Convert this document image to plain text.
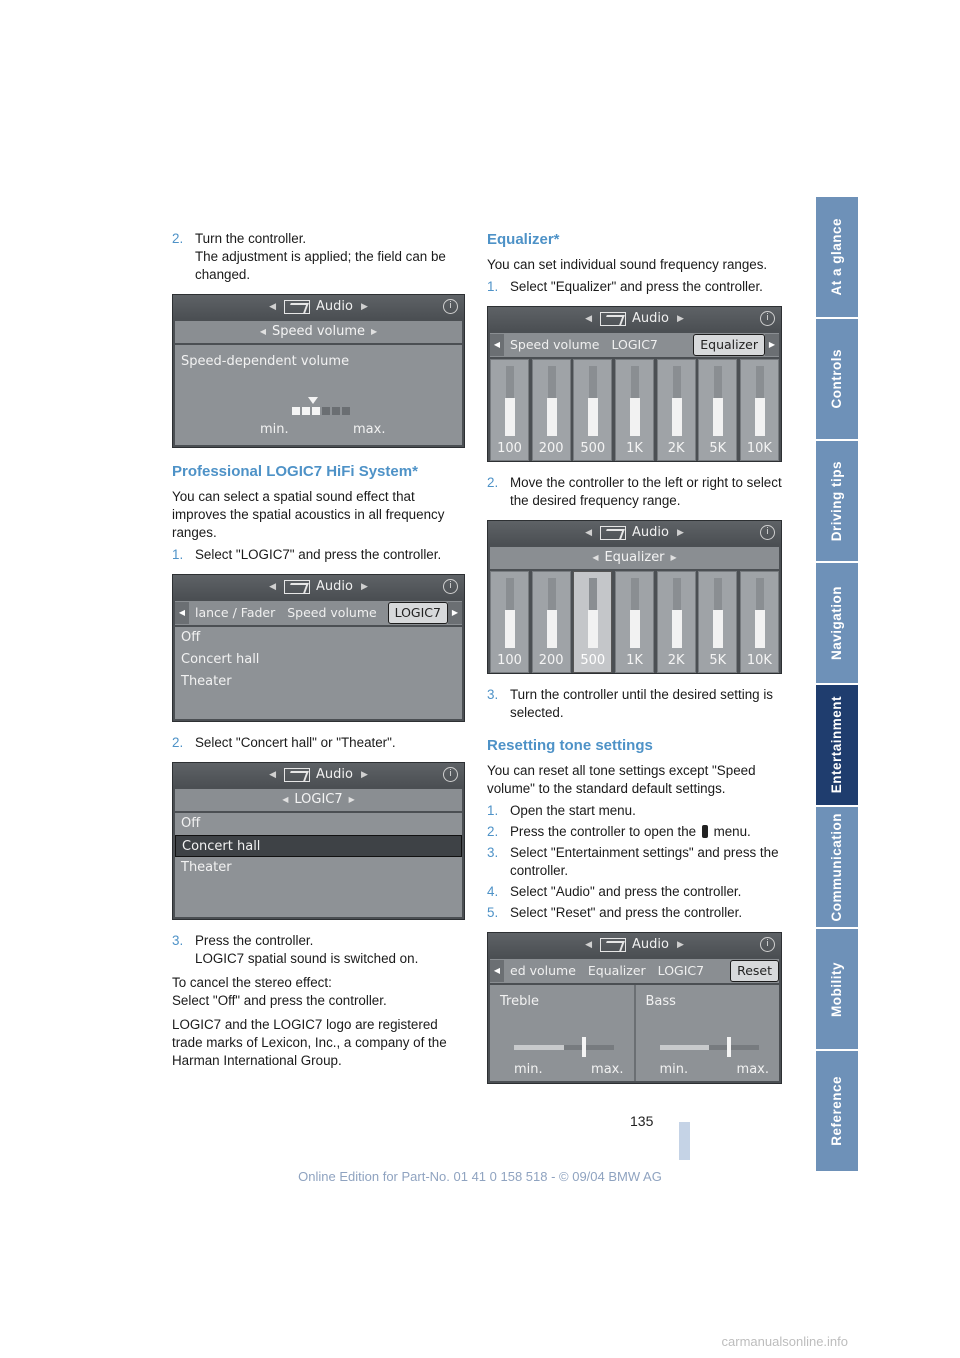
2. Turn the controller.
The adjustment is applied; the field can be changed.
◀	Audio ▶	i
◀ Speed volume ▶
Speed-dependent volume
min.	max.
Professional LOGIC7 HiFi System*

You can select a spatial sound effect that improves the spatial acoustics in all frequency ranges.

1. Select "LOGIC7" and press the controller.
◀	Audio ▶	i
◀ lance / Fader Speed volume	LOGIC7	▶
Off
Concert hall
Theater
2. Select "Concert hall" or "Theater".
◀	Audio ▶	i
◀ LOGIC7 ▶
Off
Concert hall
Theater
3. Press the controller.
LOGIC7 spatial sound is switched on.

To cancel the stereo effect:
Select "Off" and press the controller.

LOGIC7 and the LOGIC7 logo are registered trade marks of Lexicon, Inc., a company of the Harman International Group.

Equalizer*

You can set individual sound frequency ranges.

1. Select "Equalizer" and press the controller.
◀	Audio ▶	i
◀ Speed volume LOGIC7	Equalizer	▶
100	200	500	1K	2K	5K	10K
2. Move the controller to the left or right to select the desired frequency range.
◀	Audio ▶	i
◀ Equalizer ▶
100	200	500	1K	2K	5K	10K
3. Turn the controller until the desired setting is selected.
Resetting tone settings

You can reset all tone settings except "Speed volume" to the standard default settings.

1. Open the start menu.
2. Press the controller to open the menu.
3. Select "Entertainment settings" and press the controller.
4. Select "Audio" and press the controller.
5. Select "Reset" and press the controller.
◀	Audio ▶	i
◀ ed volume Equalizer LOGIC7	Reset
Treble
min.	max.
Bass
min.	max.
At a glance
Controls
Driving tips
Navigation
Entertainment
Communication
Mobility
Reference
135
Online Edition for Part-No. 01 41 0 158 518 - © 09/04 BMW AG
carmanualsonline.info
